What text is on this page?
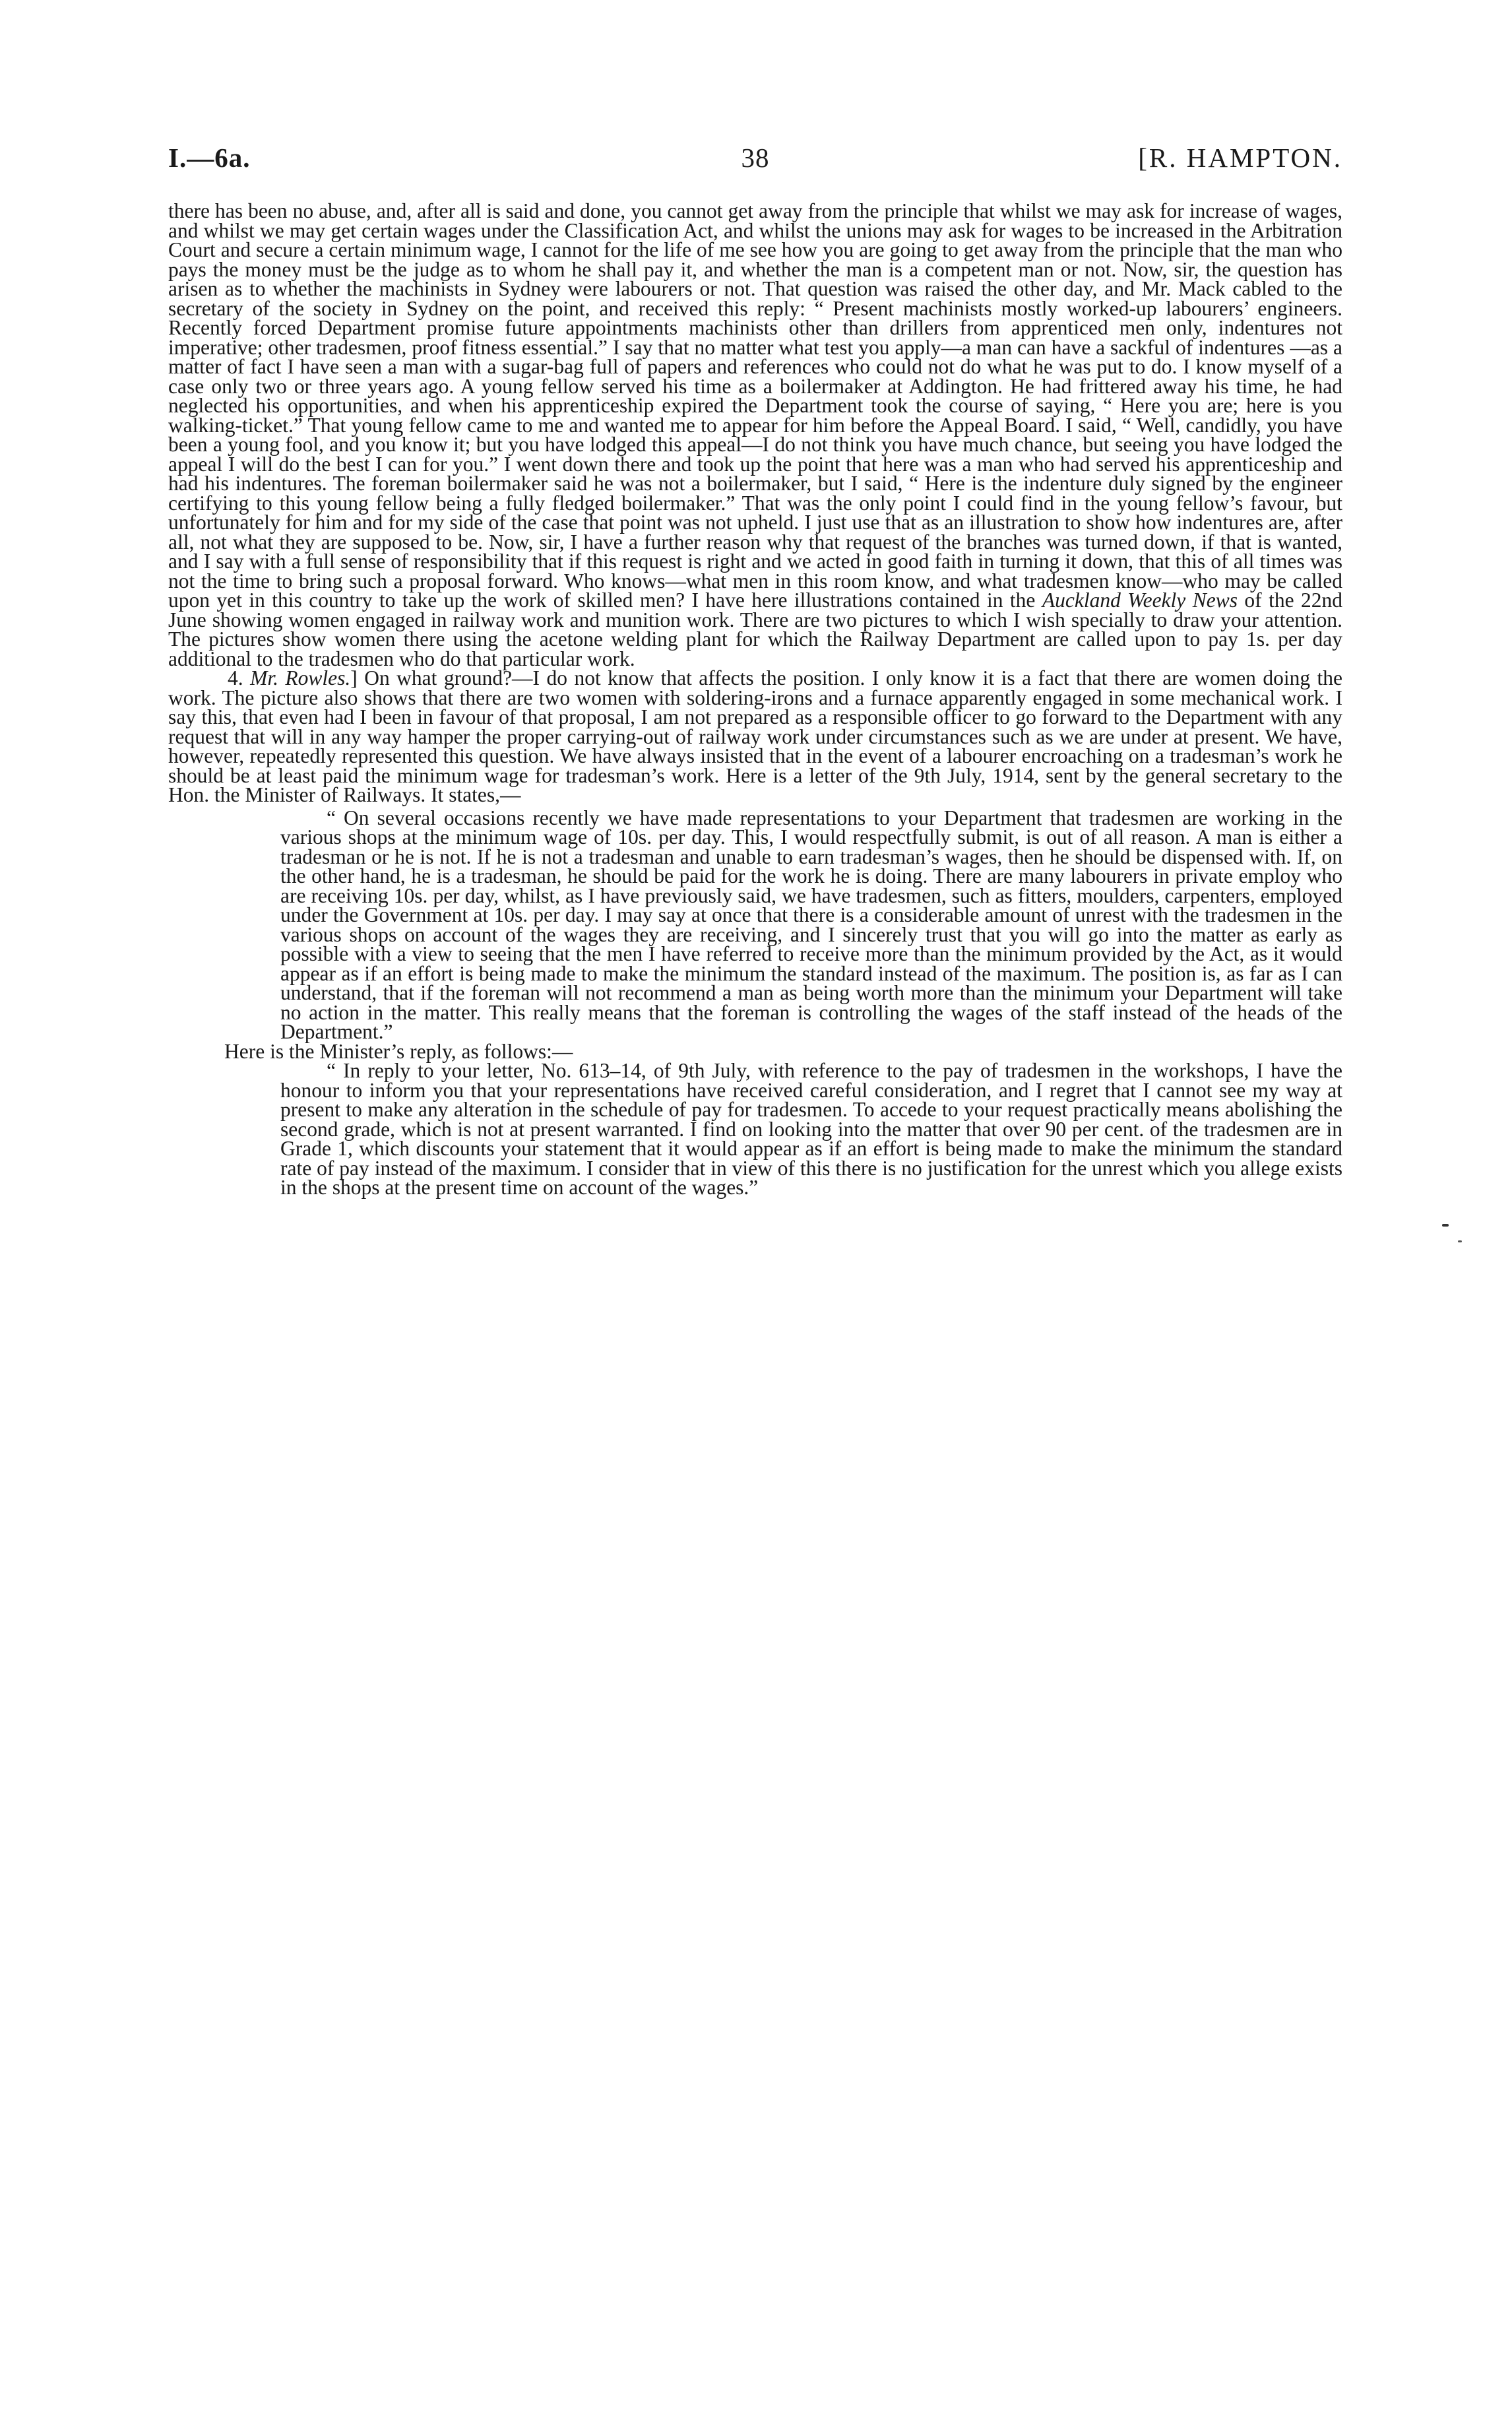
I.—6a.	38	[R. HAMPTON.

there has been no abuse, and, after all is said and done, you cannot get away from the principle that whilst we may ask for increase of wages, and whilst we may get certain wages under the Classification Act, and whilst the unions may ask for wages to be increased in the Arbitration Court and secure a certain minimum wage, I cannot for the life of me see how you are going to get away from the principle that the man who pays the money must be the judge as to whom he shall pay it, and whether the man is a competent man or not. Now, sir, the question has arisen as to whether the machinists in Sydney were labourers or not. That question was raised the other day, and Mr. Mack cabled to the secretary of the society in Sydney on the point, and received this reply: “ Present machinists mostly worked-up labourers’ engineers. Recently forced Department promise future appointments machinists other than drillers from apprenticed men only, indentures not imperative; other tradesmen, proof fitness essential.” I say that no matter what test you apply—a man can have a sackful of indentures —as a matter of fact I have seen a man with a sugar-bag full of papers and references who could not do what he was put to do. I know myself of a case only two or three years ago. A young fellow served his time as a boilermaker at Addington. He had frittered away his time, he had neglected his opportunities, and when his apprenticeship expired the Department took the course of saying, “ Here you are; here is you walking-ticket.” That young fellow came to me and wanted me to appear for him before the Appeal Board. I said, “ Well, candidly, you have been a young fool, and you know it; but you have lodged this appeal—I do not think you have much chance, but seeing you have lodged the appeal I will do the best I can for you.” I went down there and took up the point that here was a man who had served his apprenticeship and had his indentures. The foreman boilermaker said he was not a boilermaker, but I said, “ Here is the indenture duly signed by the engineer certifying to this young fellow being a fully fledged boilermaker.” That was the only point I could find in the young fellow’s favour, but unfortunately for him and for my side of the case that point was not upheld. I just use that as an illustration to show how indentures are, after all, not what they are supposed to be. Now, sir, I have a further reason why that request of the branches was turned down, if that is wanted, and I say with a full sense of responsibility that if this request is right and we acted in good faith in turning it down, that this of all times was not the time to bring such a proposal forward. Who knows—what men in this room know, and what tradesmen know—who may be called upon yet in this country to take up the work of skilled men? I have here illustrations contained in the Auckland Weekly News of the 22nd June showing women engaged in railway work and munition work. There are two pictures to which I wish specially to draw your attention. The pictures show women there using the acetone welding plant for which the Railway Department are called upon to pay 1s. per day additional to the tradesmen who do that particular work.

4. Mr. Rowles.] On what ground?—I do not know that affects the position. I only know it is a fact that there are women doing the work. The picture also shows that there are two women with soldering-irons and a furnace apparently engaged in some mechanical work. I say this, that even had I been in favour of that proposal, I am not prepared as a responsible officer to go forward to the Department with any request that will in any way hamper the proper carrying-out of railway work under circumstances such as we are under at present. We have, however, repeatedly represented this question. We have always insisted that in the event of a labourer encroaching on a tradesman’s work he should be at least paid the minimum wage for tradesman’s work. Here is a letter of the 9th July, 1914, sent by the general secretary to the Hon. the Minister of Railways. It states,—

“ On several occasions recently we have made representations to your Department that tradesmen are working in the various shops at the minimum wage of 10s. per day. This, I would respectfully submit, is out of all reason. A man is either a tradesman or he is not. If he is not a tradesman and unable to earn tradesman’s wages, then he should be dispensed with. If, on the other hand, he is a tradesman, he should be paid for the work he is doing. There are many labourers in private employ who are receiving 10s. per day, whilst, as I have previously said, we have tradesmen, such as fitters, moulders, carpenters, employed under the Government at 10s. per day. I may say at once that there is a considerable amount of unrest with the tradesmen in the various shops on account of the wages they are receiving, and I sincerely trust that you will go into the matter as early as possible with a view to seeing that the men I have referred to receive more than the minimum provided by the Act, as it would appear as if an effort is being made to make the minimum the standard instead of the maximum. The position is, as far as I can understand, that if the foreman will not recommend a man as being worth more than the minimum your Department will take no action in the matter. This really means that the foreman is controlling the wages of the staff instead of the heads of the Department.”

Here is the Minister’s reply, as follows:—

“ In reply to your letter, No. 613–14, of 9th July, with reference to the pay of tradesmen in the workshops, I have the honour to inform you that your representations have received careful consideration, and I regret that I cannot see my way at present to make any alteration in the schedule of pay for tradesmen. To accede to your request practically means abolishing the second grade, which is not at present warranted. I find on looking into the matter that over 90 per cent. of the tradesmen are in Grade 1, which discounts your statement that it would appear as if an effort is being made to make the minimum the standard rate of pay instead of the maximum. I consider that in view of this there is no justification for the unrest which you allege exists in the shops at the present time on account of the wages.”
